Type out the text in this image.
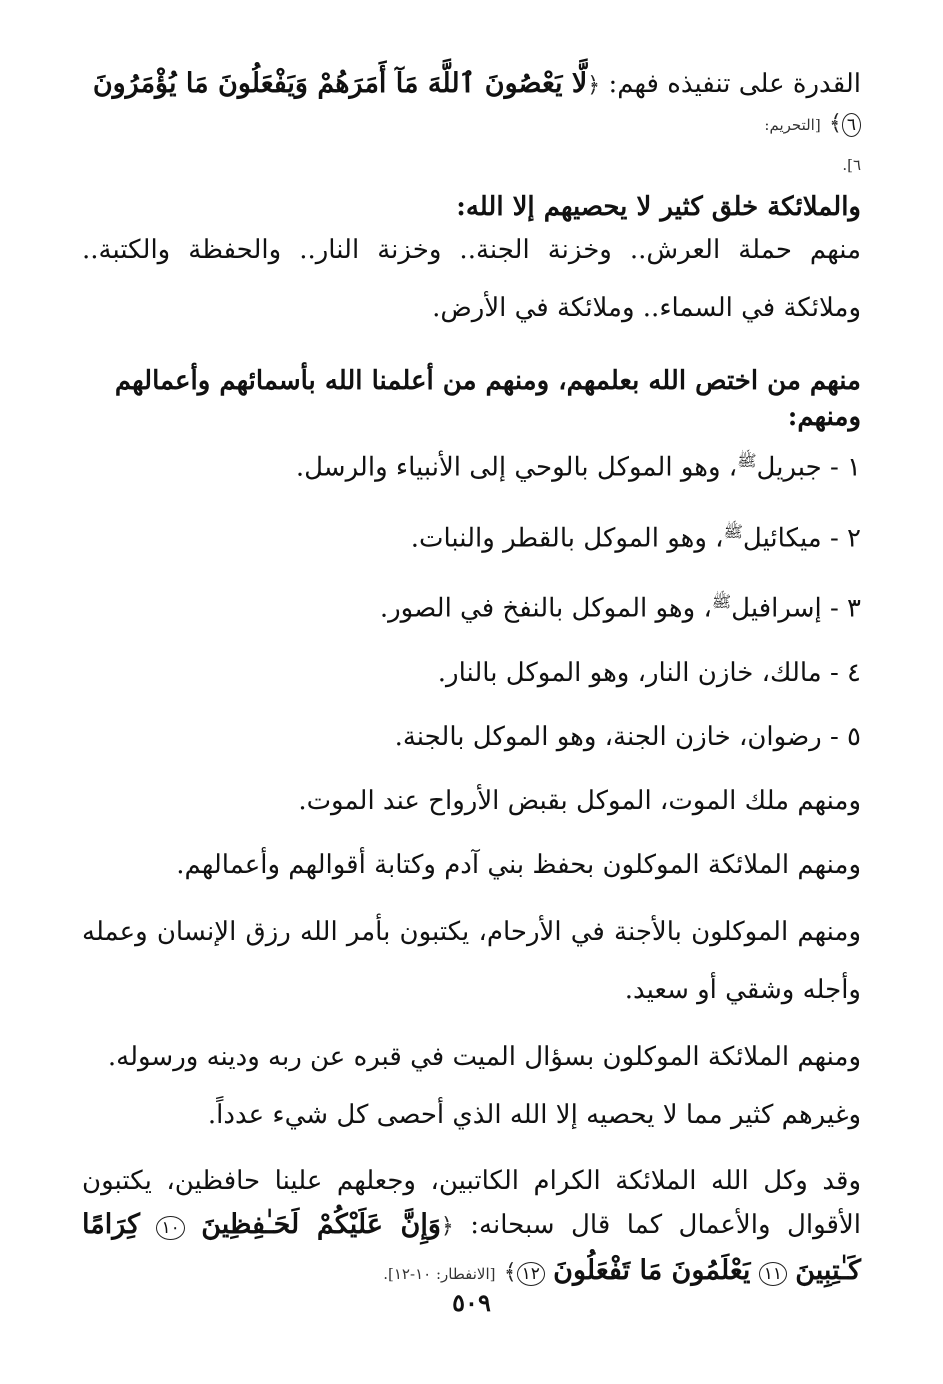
القدرة على تنفيذه فهم: ﴿لَّا يَعْصُونَ ٱللَّهَ مَآ أَمَرَهُمْ وَيَفْعَلُونَ مَا يُؤْمَرُونَ ٦﴾ [التحريم:

٦].

والملائكة خلق كثير لا يحصيهم إلا الله:

منهم حملة العرش.. وخزنة الجنة.. وخزنة النار.. والحفظة والكتبة.. وملائكة في السماء.. وملائكة في الأرض.

منهم من اختص الله بعلمهم، ومنهم من أعلمنا الله بأسمائهم وأعمالهم ومنهم:

١ - جبريل$^ﷺ$، وهو الموكل بالوحي إلى الأنبياء والرسل.

٢ - ميكائيل$^ﷺ$، وهو الموكل بالقطر والنبات.

٣ - إسرافيل$^ﷺ$، وهو الموكل بالنفخ في الصور.

٤ - مالك، خازن النار، وهو الموكل بالنار.

٥ - رضوان، خازن الجنة، وهو الموكل بالجنة.

ومنهم ملك الموت، الموكل بقبض الأرواح عند الموت.

ومنهم الملائكة الموكلون بحفظ بني آدم وكتابة أقوالهم وأعمالهم.

ومنهم الموكلون بالأجنة في الأرحام، يكتبون بأمر الله رزق الإنسان وعمله وأجله وشقي أو سعيد.

ومنهم الملائكة الموكلون بسؤال الميت في قبره عن ربه ودينه ورسوله.

وغيرهم كثير مما لا يحصيه إلا الله الذي أحصى كل شيء عدداً.

وقد وكل الله الملائكة الكرام الكاتبين، وجعلهم علينا حافظين، يكتبون الأقوال والأعمال كما قال سبحانه: ﴿وَإِنَّ عَلَيْكُمْ لَحَـٰفِظِينَ ١٠ كِرَامًا كَـٰتِبِينَ ١١ يَعْلَمُونَ مَا تَفْعَلُونَ ١٢﴾ [الانفطار: ١٠-١٢].

٥٠٩
